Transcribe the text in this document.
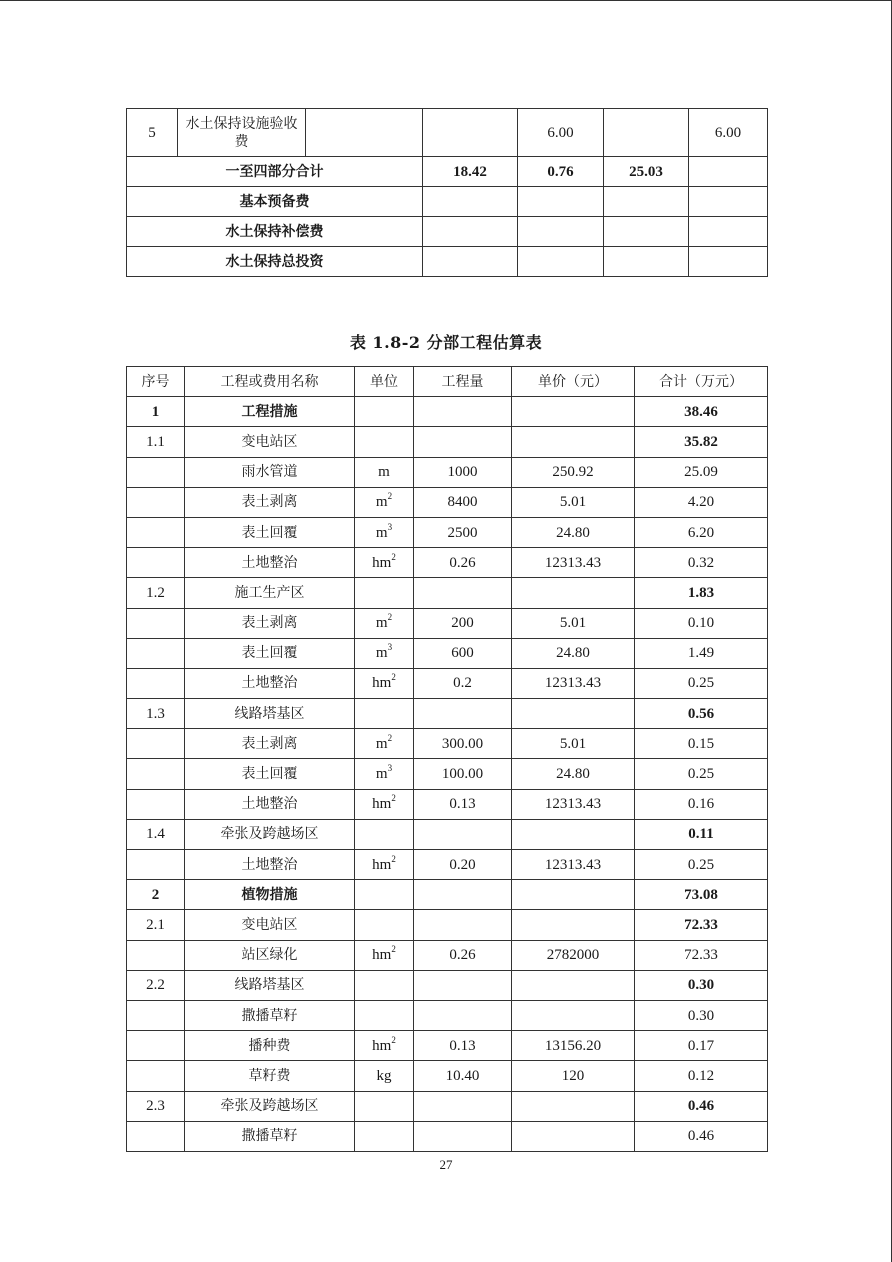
5	水土保持设施验收费			6.00		6.00	
一至四部分合计			18.42	0.76	25.03		
基本预备费					
水土保持补偿费					
水土保持总投资					
表 1.8-2 分部工程估算表
序号	工程或费用名称	单位	工程量	单价（元）	合计（万元）
1	工程措施				38.46
1.1	变电站区				35.82
	雨水管道	m	1000	250.92	25.09
	表土剥离	$m^2$	8400	5.01	4.20
	表土回覆	$m^3$	2500	24.80	6.20
	土地整治	$hm^2$	0.26	12313.43	0.32
1.2	施工生产区				1.83
	表土剥离	$m^2$	200	5.01	0.10
	表土回覆	$m^3$	600	24.80	1.49
	土地整治	$hm^2$	0.2	12313.43	0.25
1.3	线路塔基区				0.56
	表土剥离	$m^2$	300.00	5.01	0.15
	表土回覆	$m^3$	100.00	24.80	0.25
	土地整治	$hm^2$	0.13	12313.43	0.16
1.4	牵张及跨越场区				0.11
	土地整治	$hm^2$	0.20	12313.43	0.25
2	植物措施				73.08
2.1	变电站区				72.33
	站区绿化	$hm^2$	0.26	2782000	72.33
2.2	线路塔基区				0.30
	撒播草籽				0.30
	播种费	$hm^2$	0.13	13156.20	0.17
	草籽费	kg	10.40	120	0.12
2.3	牵张及跨越场区				0.46
	撒播草籽				0.46
27
